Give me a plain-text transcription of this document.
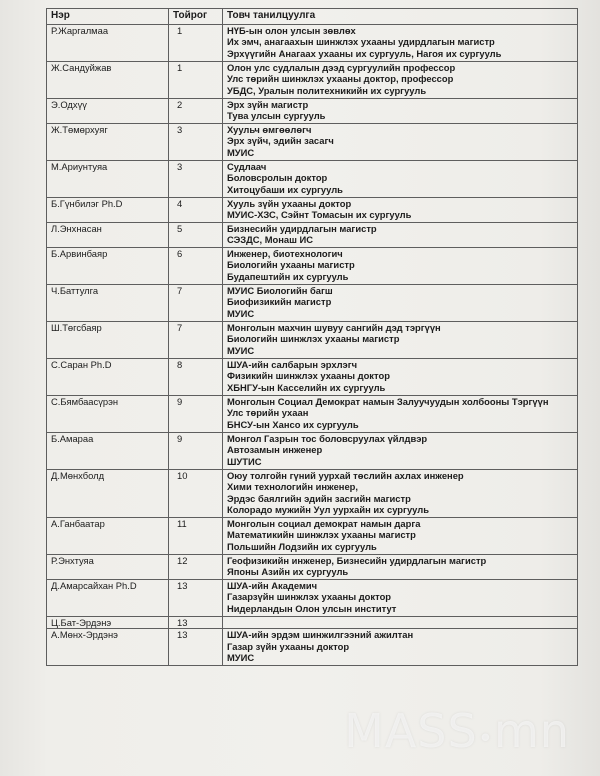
Нэр	Тойрог	Товч танилцуулга
Р.Жаргалмаа	1	НҮБ-ын олон улсын зөвлөх
Их эмч, анагаахын шинжлэх ухааны удирдлагын магистр
Эрхүүгийн Анагаах ухааны их сургууль, Нагоя их сургууль

Ж.Сандуйжав	1	Олон улс судлалын дээд сургуулийн профессор
Улс төрийн шинжлэх ухааны доктор, профессор
УБДС, Уралын политехникийн их сургууль

Э.Одхүү	2	Эрх зүйн магистр
Тува улсын сургууль

Ж.Төмөрхуяг	3	Хуульч өмгөөлөгч
Эрх зүйч, эдийн засагч
МУИС

М.Ариунтуяа	3	Судлаач
Боловсролын доктор
Хитоцубаши их сургууль

Б.Гүнбилэг Ph.D	4	Хууль зүйн ухааны доктор
МУИС-ХЗС, Сэйнт Томасын их сургууль

Л.Энхнасан	5	Бизнесийн удирдлагын магистр
СЭЗДС, Монаш ИС

Б.Арвинбаяр	6	Инженер, биотехнологич
Биологийн ухааны магистр
Будапештийн их сургууль

Ч.Баттулга	7	МУИС Биологийн багш
Биофизикийн магистр
МУИС

Ш.Төгсбаяр	7	Монголын махчин шувуу сангийн дэд тэргүүн
Биологийн шинжлэх ухааны магистр
МУИС

С.Саран Ph.D	8	ШУА-ийн салбарын эрхлэгч
Физикийн шинжлэх ухааны доктор
ХБНГУ-ын Касселийн их сургууль

С.Бямбаасүрэн	9	Монголын Социал Демократ намын Залуучуудын холбооны Тэргүүн
Улс төрийн ухаан
БНСУ-ын Хансо их сургууль

Б.Амараа	9	Монгол Газрын тос боловсруулах үйлдвэр
Автозамын инженер
ШУТИС

Д.Мөнхболд	10	Оюу толгойн гүний уурхай төслийн ахлах инженер
Хими технологийн инженер,
Эрдэс баялгийн эдийн засгийн магистр
Колорадо мужийн Уул уурхайн их сургууль

А.Ганбаатар	11	Монголын социал демократ намын дарга
Математикийн шинжлэх ухааны магистр
Польшийн Лодзийн их сургууль

Р.Энхтуяа	12	Геофизикийн инженер, Бизнесийн удирдлагын магистр
Японы Азийн их сургууль

Д.Амарсайхан Ph.D	13	ШУА-ийн Академич
Газарзүйн шинжлэх ухааны доктор
Нидерландын Олон улсын институт

Ц.Бат-Эрдэнэ	13	
А.Мөнх-Эрдэнэ	13	ШУА-ийн эрдэм шинжилгээний ажилтан
Газар зүйн ухааны доктор
МУИС
MASS•mn
